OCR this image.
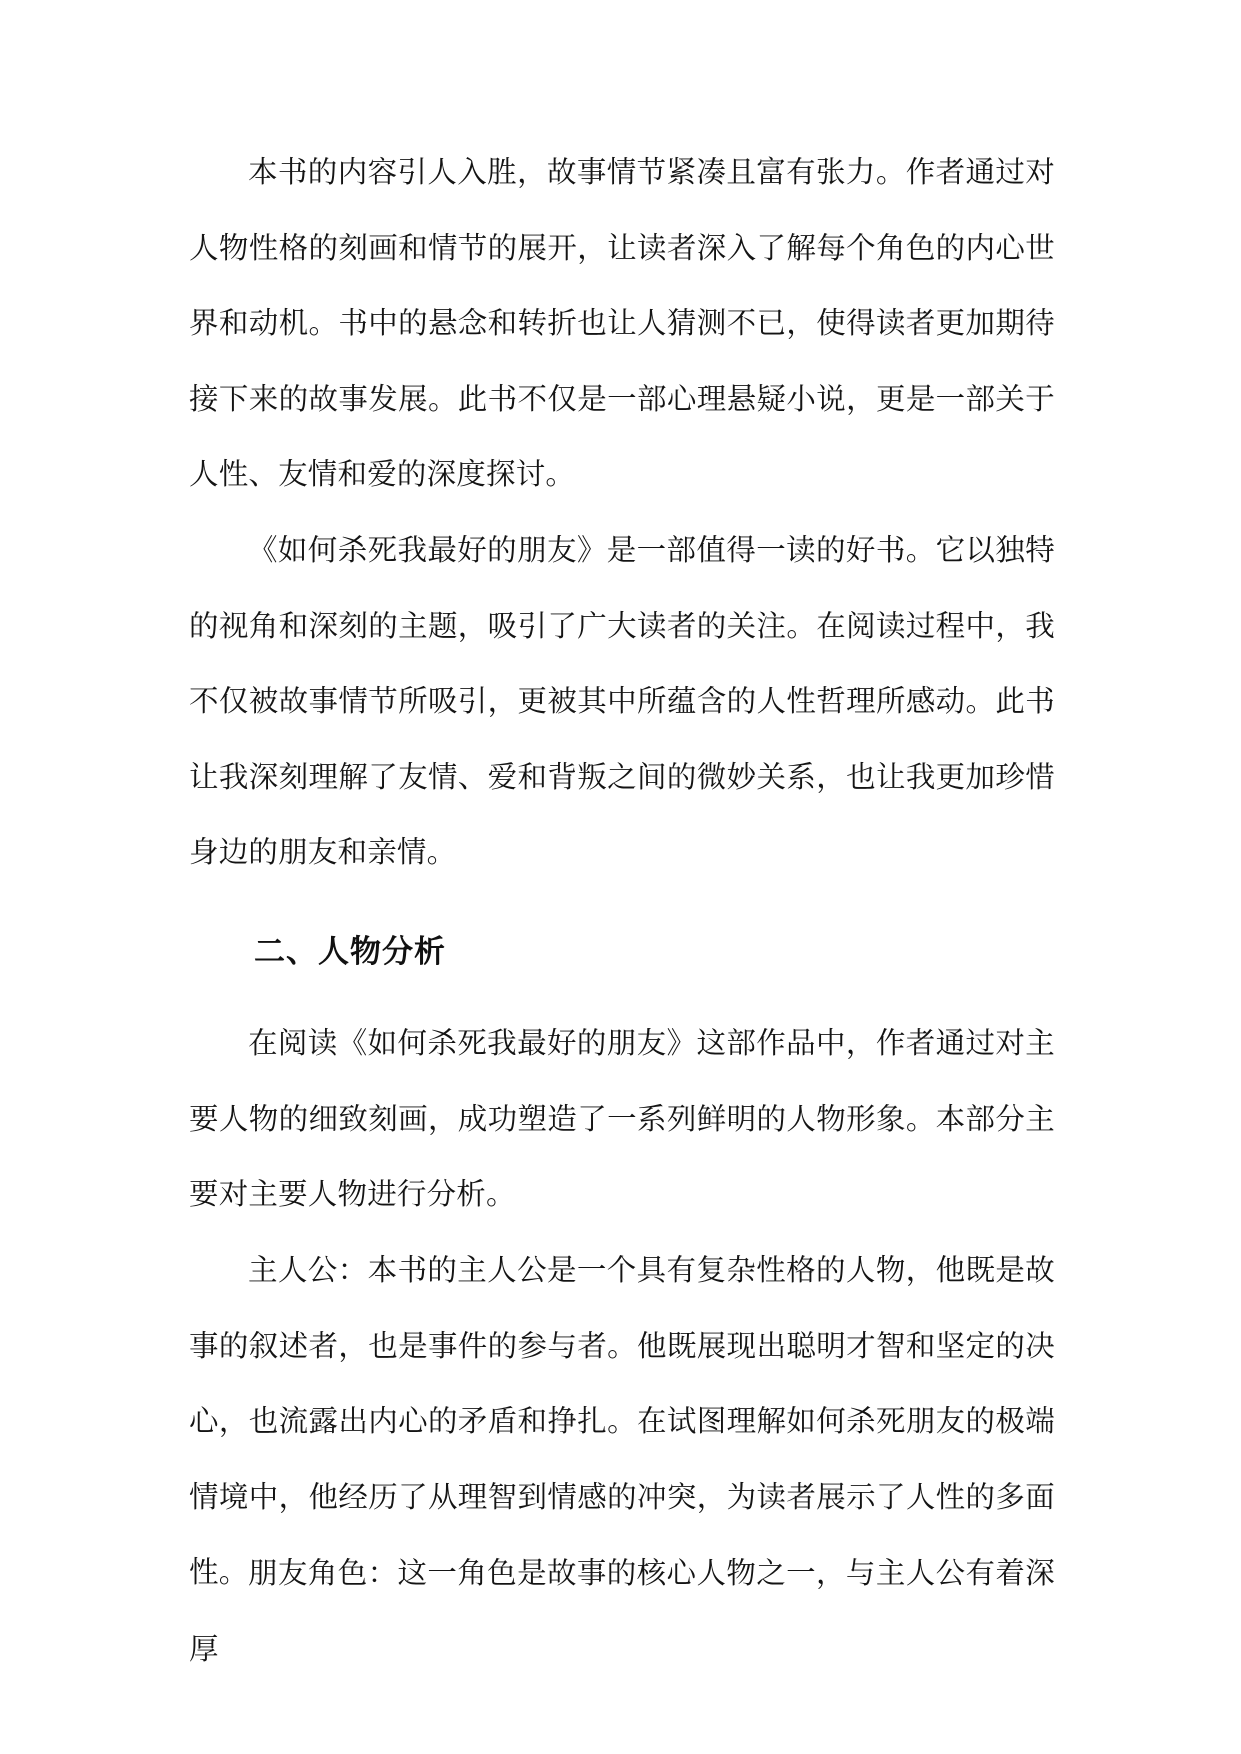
本书的内容引人入胜，故事情节紧凑且富有张力。作者通过对人物性格的刻画和情节的展开，让读者深入了解每个角色的内心世界和动机。书中的悬念和转折也让人猜测不已，使得读者更加期待接下来的故事发展。此书不仅是一部心理悬疑小说，更是一部关于人性、友情和爱的深度探讨。

《如何杀死我最好的朋友》是一部值得一读的好书。它以独特的视角和深刻的主题，吸引了广大读者的关注。在阅读过程中，我不仅被故事情节所吸引，更被其中所蕴含的人性哲理所感动。此书让我深刻理解了友情、爱和背叛之间的微妙关系，也让我更加珍惜身边的朋友和亲情。

二、人物分析

在阅读《如何杀死我最好的朋友》这部作品中，作者通过对主要人物的细致刻画，成功塑造了一系列鲜明的人物形象。本部分主要对主要人物进行分析。

主人公：本书的主人公是一个具有复杂性格的人物，他既是故事的叙述者，也是事件的参与者。他既展现出聪明才智和坚定的决心，也流露出内心的矛盾和挣扎。在试图理解如何杀死朋友的极端情境中，他经历了从理智到情感的冲突，为读者展示了人性的多面性。 朋友角色：这一角色是故事的核心人物之一，与主人公有着深厚
